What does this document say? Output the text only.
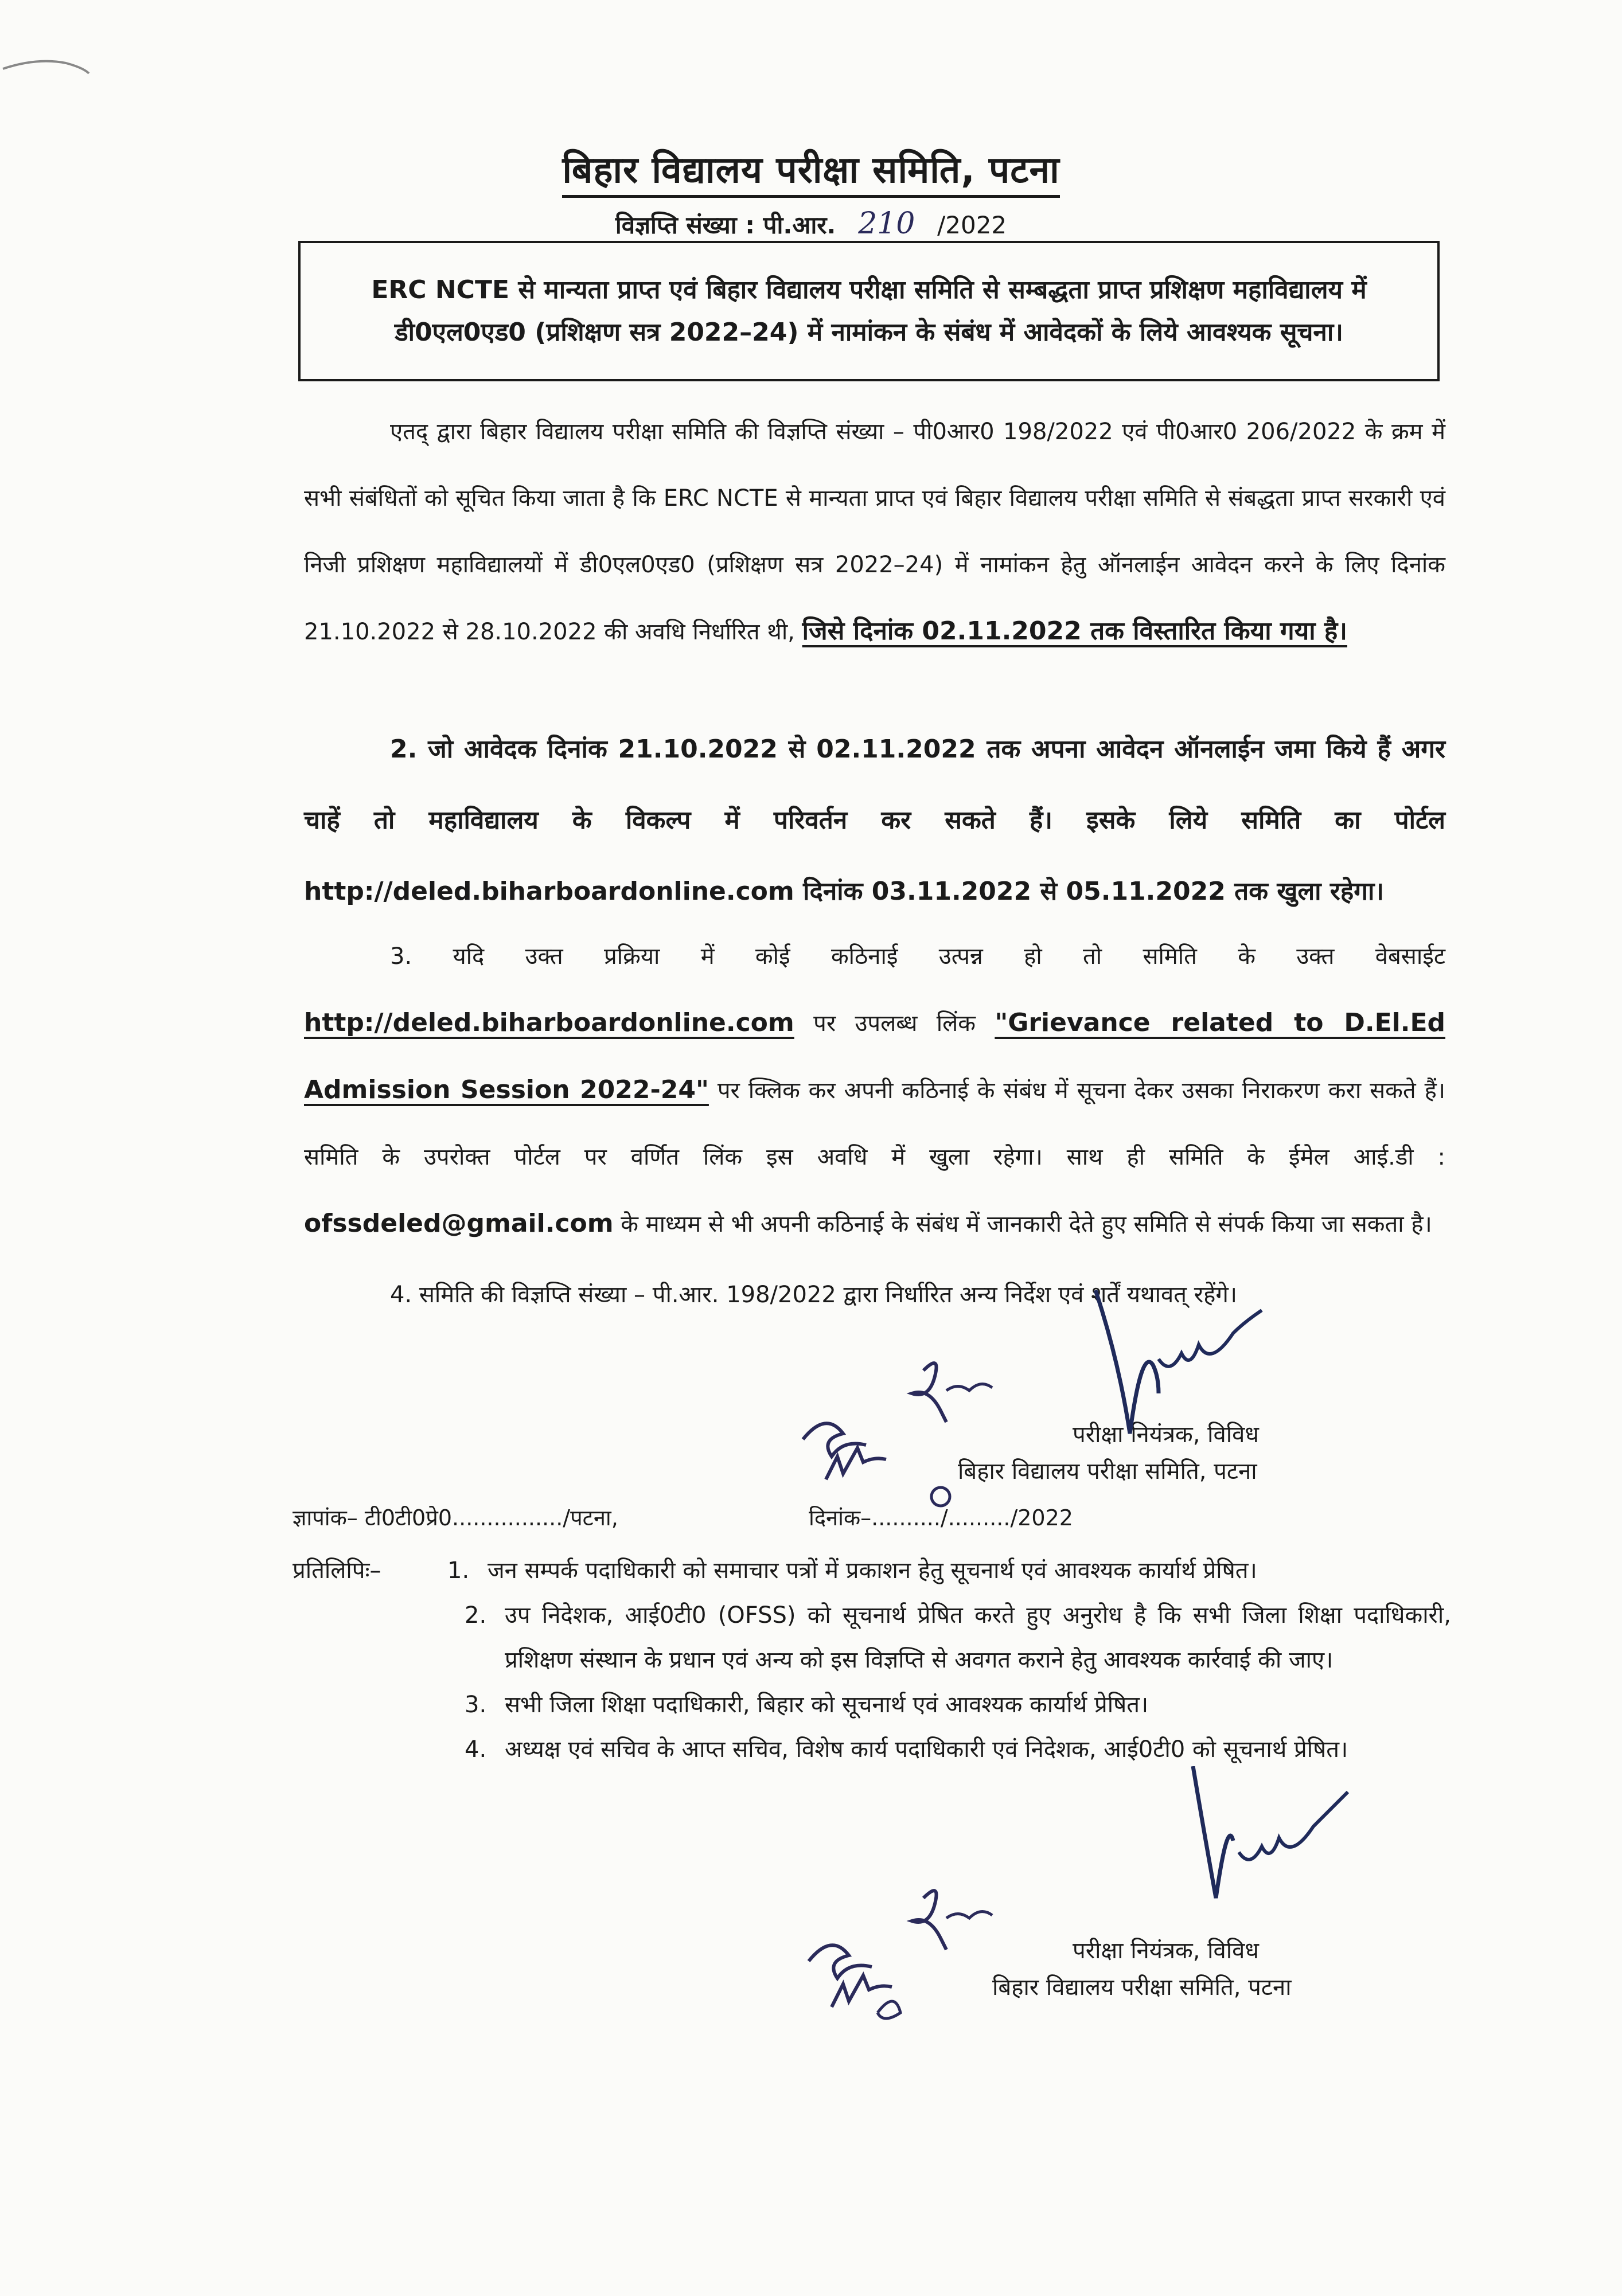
बिहार विद्यालय परीक्षा समिति, पटना
विज्ञप्ति संख्या : पी.आर. 210 /2022

ERC NCTE से मान्यता प्राप्त एवं बिहार विद्यालय परीक्षा समिति से सम्बद्धता प्राप्त प्रशिक्षण महाविद्यालय में डी0एल0एड0 (प्रशिक्षण सत्र 2022–24) में नामांकन के संबंध में आवेदकों के लिये आवश्यक सूचना।

एतद् द्वारा बिहार विद्यालय परीक्षा समिति की विज्ञप्ति संख्या – पी0आर0 198/2022 एवं पी0आर0 206/2022 के क्रम में सभी संबंधितों को सूचित किया जाता है कि ERC NCTE से मान्यता प्राप्त एवं बिहार विद्यालय परीक्षा समिति से संबद्धता प्राप्त सरकारी एवं निजी प्रशिक्षण महाविद्यालयों में डी0एल0एड0 (प्रशिक्षण सत्र 2022–24) में नामांकन हेतु ऑनलाईन आवेदन करने के लिए दिनांक 21.10.2022 से 28.10.2022 की अवधि निर्धारित थी, जिसे दिनांक 02.11.2022 तक विस्तारित किया गया है।

2. जो आवेदक दिनांक 21.10.2022 से 02.11.2022 तक अपना आवेदन ऑनलाईन जमा किये हैं अगर चाहें तो महाविद्यालय के विकल्प में परिवर्तन कर सकते हैं। इसके लिये समिति का पोर्टल http://deled.biharboardonline.com दिनांक 03.11.2022 से 05.11.2022 तक खुला रहेगा।

3. यदि उक्त प्रक्रिया में कोई कठिनाई उत्पन्न हो तो समिति के उक्त वेबसाईट http://deled.biharboardonline.com पर उपलब्ध लिंक "Grievance related to D.El.Ed Admission Session 2022-24" पर क्लिक कर अपनी कठिनाई के संबंध में सूचना देकर उसका निराकरण करा सकते हैं। समिति के उपरोक्त पोर्टल पर वर्णित लिंक इस अवधि में खुला रहेगा। साथ ही समिति के ईमेल आई.डी : ofssdeled@gmail.com के माध्यम से भी अपनी कठिनाई के संबंध में जानकारी देते हुए समिति से संपर्क किया जा सकता है।

4. समिति की विज्ञप्ति संख्या – पी.आर. 198/2022 द्वारा निर्धारित अन्य निर्देश एवं शर्तें यथावत् रहेंगे।

परीक्षा नियंत्रक, विविध
बिहार विद्यालय परीक्षा समिति, पटना
ज्ञापांक– टी0टी0प्रे0................/पटना,	दिनांक–........../........./2022
प्रतिलिपिः–	1. जन सम्पर्क पदाधिकारी को समाचार पत्रों में प्रकाशन हेतु सूचनार्थ एवं आवश्यक कार्यार्थ प्रेषित।
2. उप निदेशक, आई0टी0 (OFSS) को सूचनार्थ प्रेषित करते हुए अनुरोध है कि सभी जिला शिक्षा पदाधिकारी, प्रशिक्षण संस्थान के प्रधान एवं अन्य को इस विज्ञप्ति से अवगत कराने हेतु आवश्यक कार्रवाई की जाए।
3. सभी जिला शिक्षा पदाधिकारी, बिहार को सूचनार्थ एवं आवश्यक कार्यार्थ प्रेषित।
4. अध्यक्ष एवं सचिव के आप्त सचिव, विशेष कार्य पदाधिकारी एवं निदेशक, आई0टी0 को सूचनार्थ प्रेषित।
परीक्षा नियंत्रक, विविध
बिहार विद्यालय परीक्षा समिति, पटना
